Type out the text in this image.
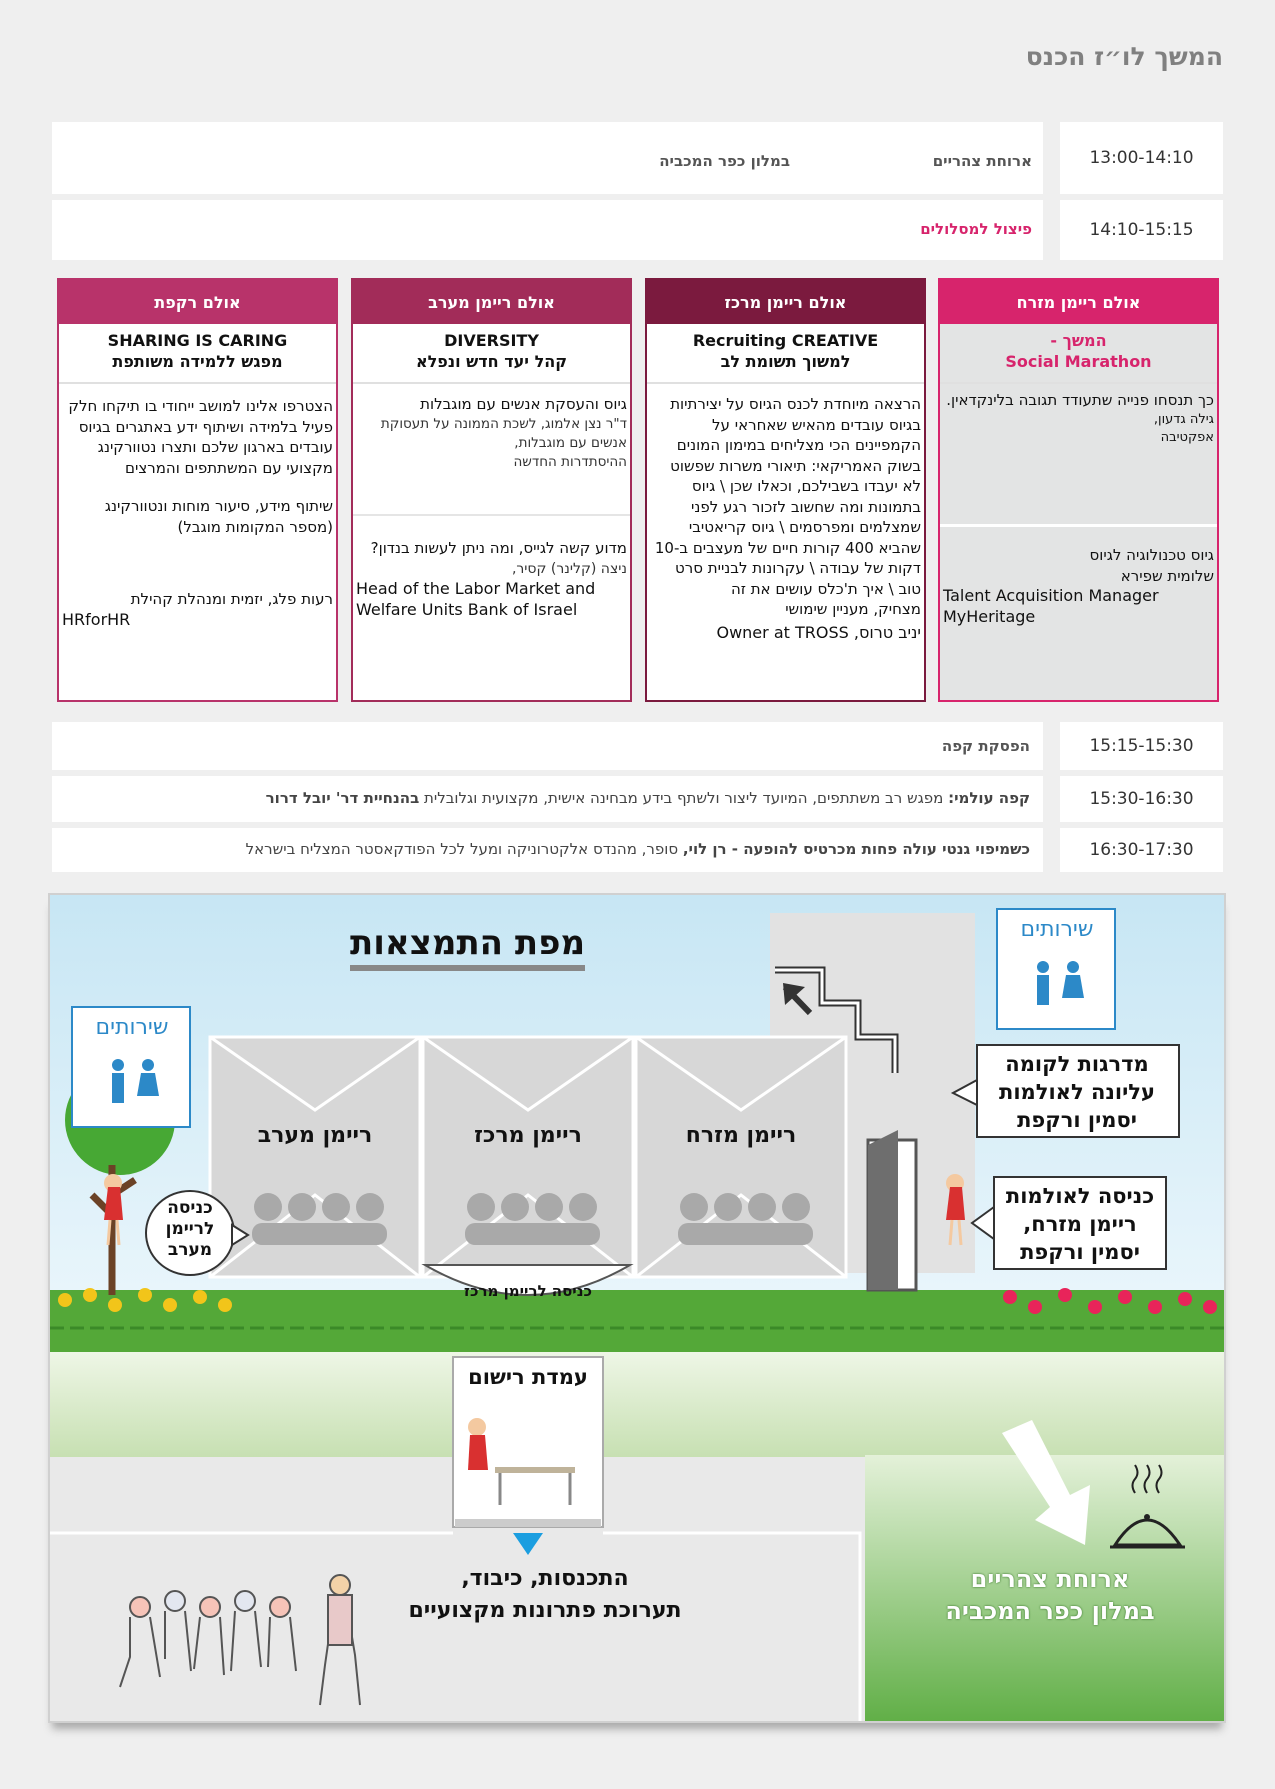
המשך לו״ז הכנס
ארוחת צהריים
במלון כפר המכביה	13:00-14:10
פיצול למסלולים	14:10-15:15
אולם ריימן מזרח
המשך -
Social Marathon
כך תנסחו פנייה שתעודד תגובה בלינקדאין.
גילה גדעון,
אפקטיבה
גיוס טכנולוגיה לגיוס
שלומית שפירא
Talent Acquisition Manager
MyHeritage
אולם ריימן מרכז
Recruiting CREATIVE
למשוך תשומת לב
הרצאה מיוחדת לכנס הגיוס על יצירתיות בגיוס עובדים מהאיש שאחראי על הקמפיינים הכי מצליחים במימון המונים בשוק האמריקאי: תיאורי משרות שפשוט לא יעבדו בשבילכם, וכאלו שכן \ גיוס בתמונות ומה שחשוב לזכור רגע לפני שמצלמים ומפרסמים \ גיוס קריאטיבי שהביא 400 קורות חיים של מעצבים ב-10 דקות של עבודה \ עקרונות לבניית סרט טוב \ איך ת'כלס עושים את זה
מצחיק, מעניין שימושי
יניב טרוס, Owner at TROSS
אולם ריימן מערב
DIVERSITY
קהל יעד חדש ונפלא
גיוס והעסקת אנשים עם מוגבלות
ד"ר נצן אלמוג, לשכת הממונה על תעסוקת אנשים עם מוגבלות,
ההיסתדרות החדשה
מדוע קשה לגייס, ומה ניתן לעשות בנדון?
ניצה (קלינר) קסיר,
Head of the Labor Market and Welfare Units Bank of Israel
אולם רקפת
SHARING IS CARING
מפגש ללמידה משותפת
הצטרפו אלינו למושב ייחודי בו תיקחו חלק פעיל בלמידה ושיתוף ידע באתגרים בגיוס עובדים בארגון שלכם ותצרו נטוורקינג מקצועי עם המשתתפים והמרצים
שיתוף מידע, סיעור מוחות ונטוורקינג
(מספר המקומות מוגבל)
רעות פלג, יזמית ומנהלת קהילת
HRforHR
הפסקת קפה	15:15-15:30
קפה עולמי: מפגש רב משתתפים, המיועד ליצור ולשתף בידע מבחינה אישית, מקצועית וגלובלית בהנחיית דר' יובל דרור	15:30-16:30
כשמיפוי גנטי עולה פחות מכרטיס להופעה - רן לוי, סופר, מהנדס אלקטרוניקה ומעל לכל הפודקאסטר המצליח בישראל	16:30-17:30
מפת התמצאות	שירותים
שירותים
מדרגות לקומה
עליונה לאולמות
יסמין ורקפת
כניסה לאולמות
ריימן מזרח,
יסמין ורקפת
ריימן מערב	ריימן מרכז	ריימן מזרח
כניסה
לריימן
מערב
כניסה לריימן מרכז
עמדת רישום
התכנסות, כיבוד,
תערוכת פתרונות מקצועיים
ארוחת צהריים
במלון כפר המכביה
